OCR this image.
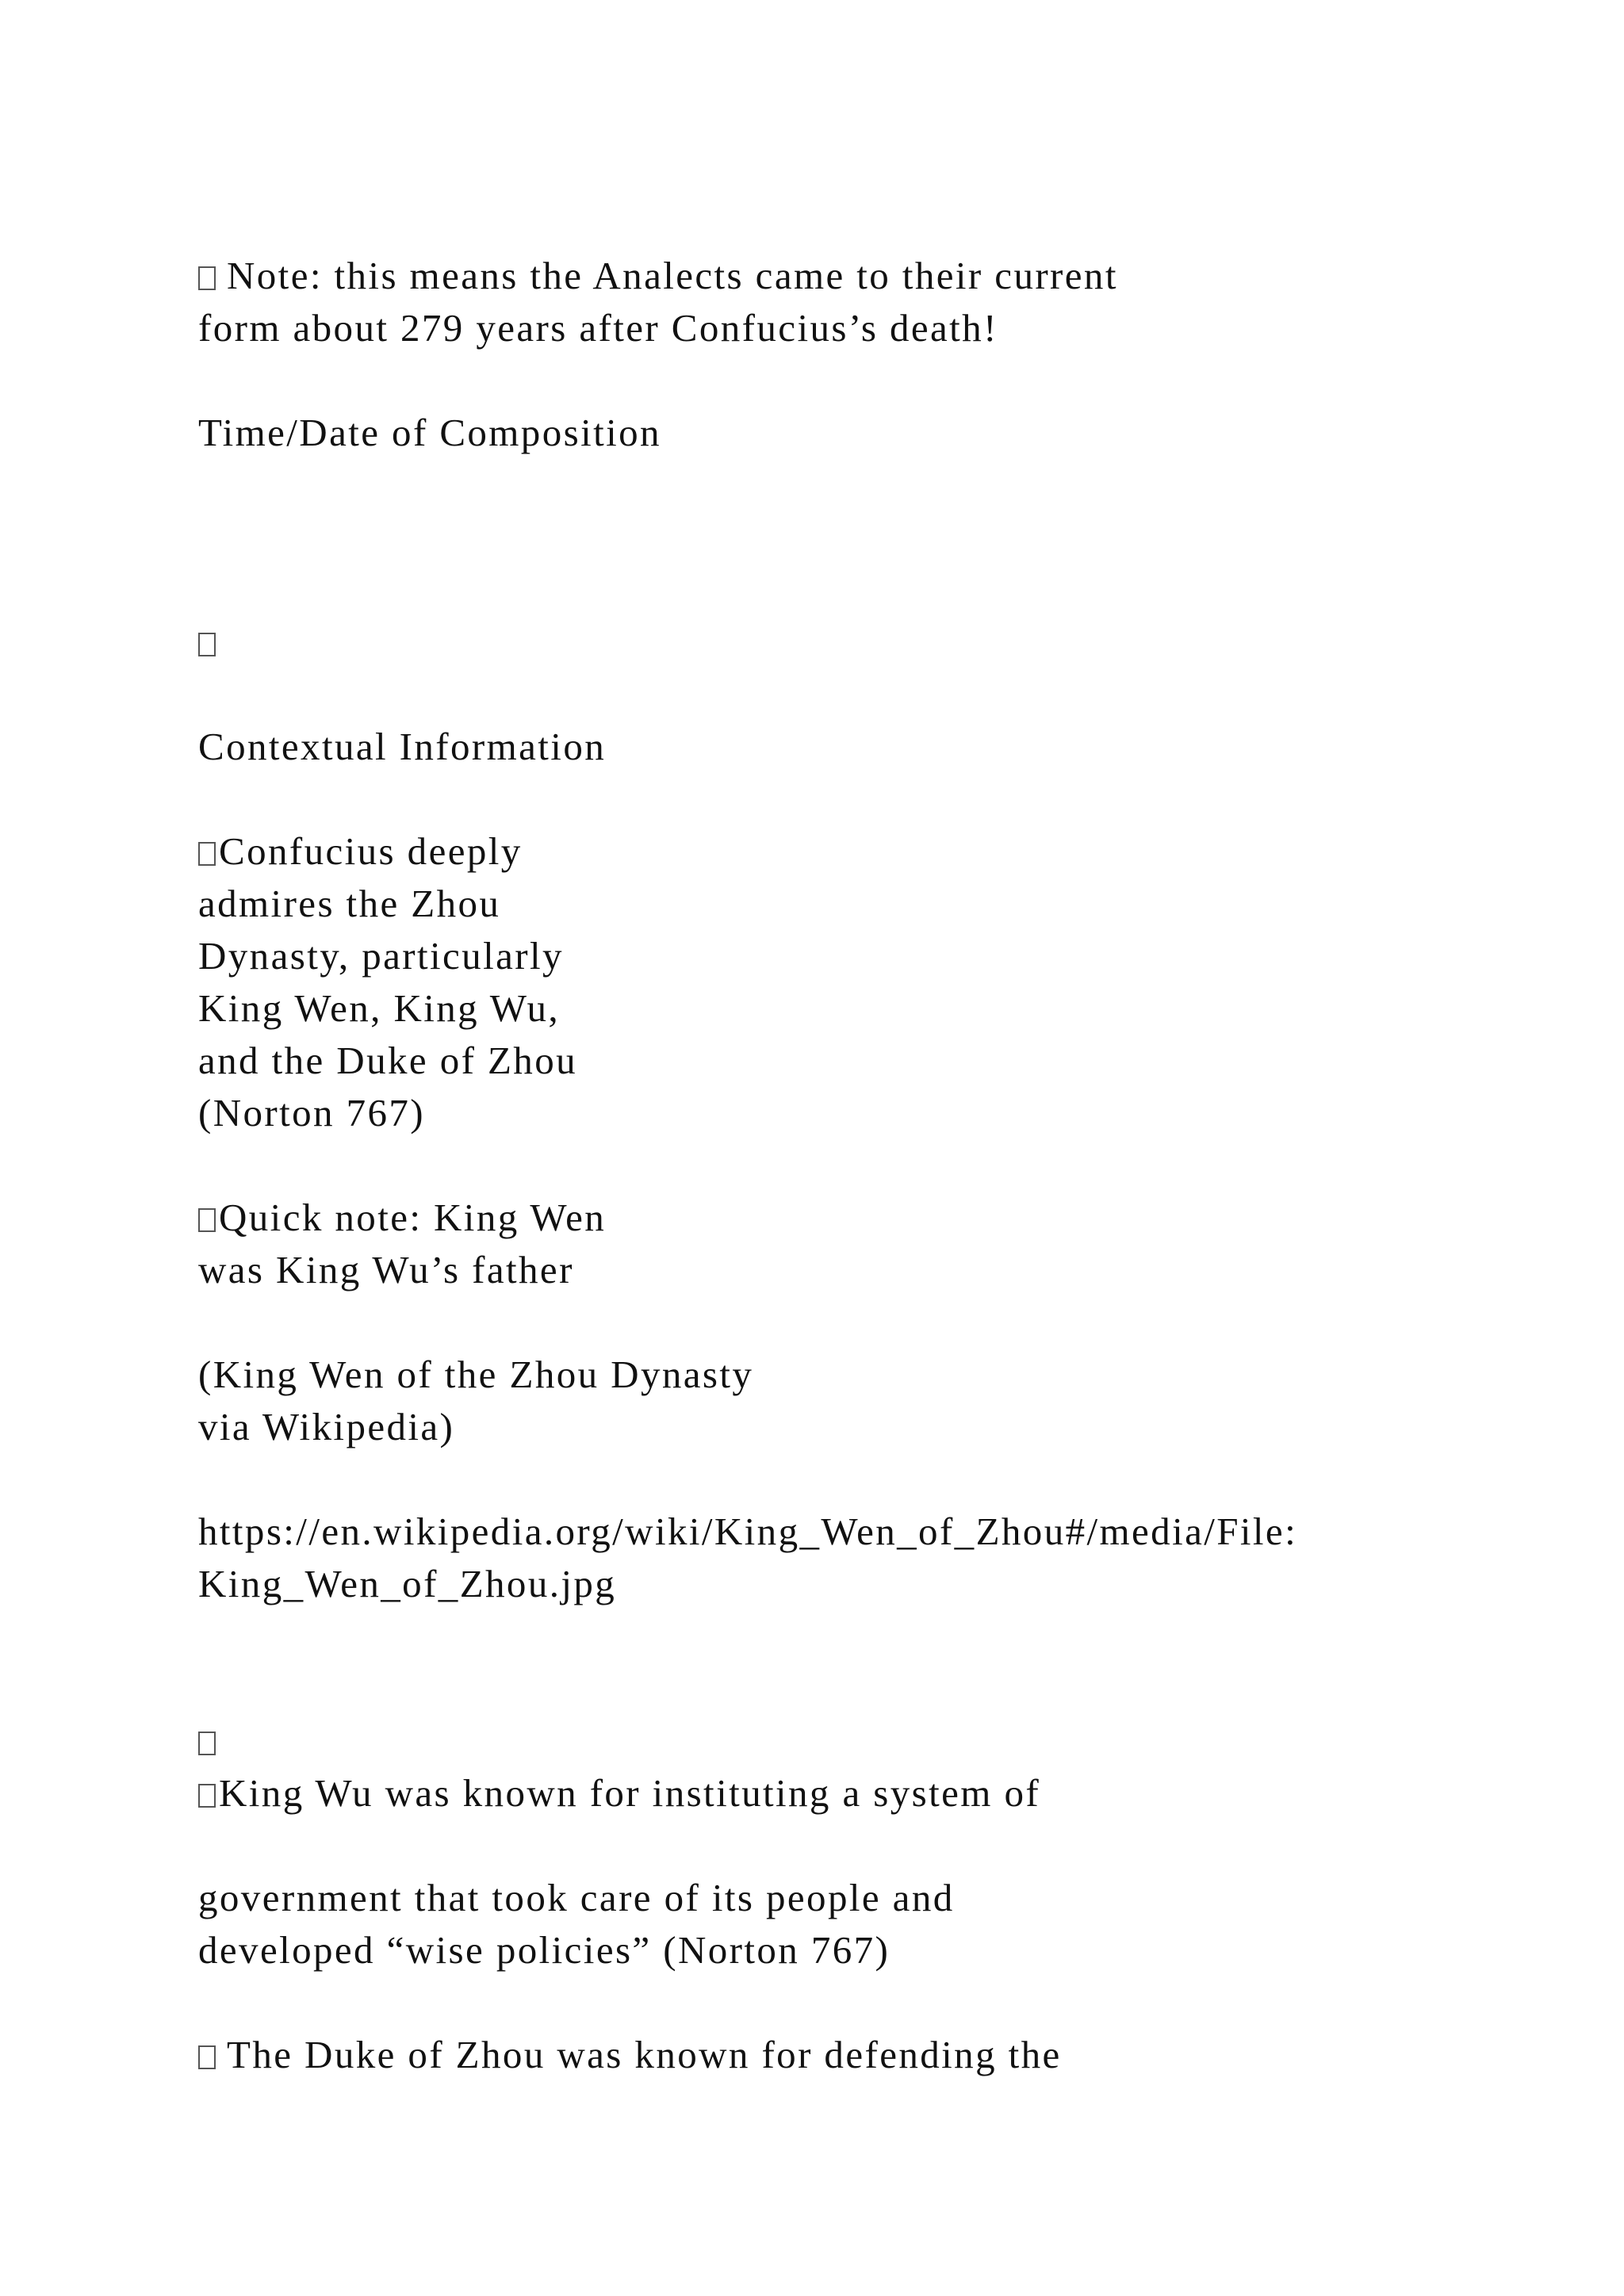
Note: this means the Analects came to their current

form about 279 years after Confucius’s death!

Time/Date of Composition

Contextual Information

Confucius deeply

admires the Zhou

Dynasty, particularly

King Wen, King Wu,

and the Duke of Zhou

(Norton 767)

Quick note: King Wen

was King Wu’s father

(King Wen of the Zhou Dynasty

via Wikipedia)

https://en.wikipedia.org/wiki/King_Wen_of_Zhou#/media/File:

King_Wen_of_Zhou.jpg

King Wu was known for instituting a system of

government that took care of its people and

developed “wise policies” (Norton 767)

The Duke of Zhou was known for defending the
